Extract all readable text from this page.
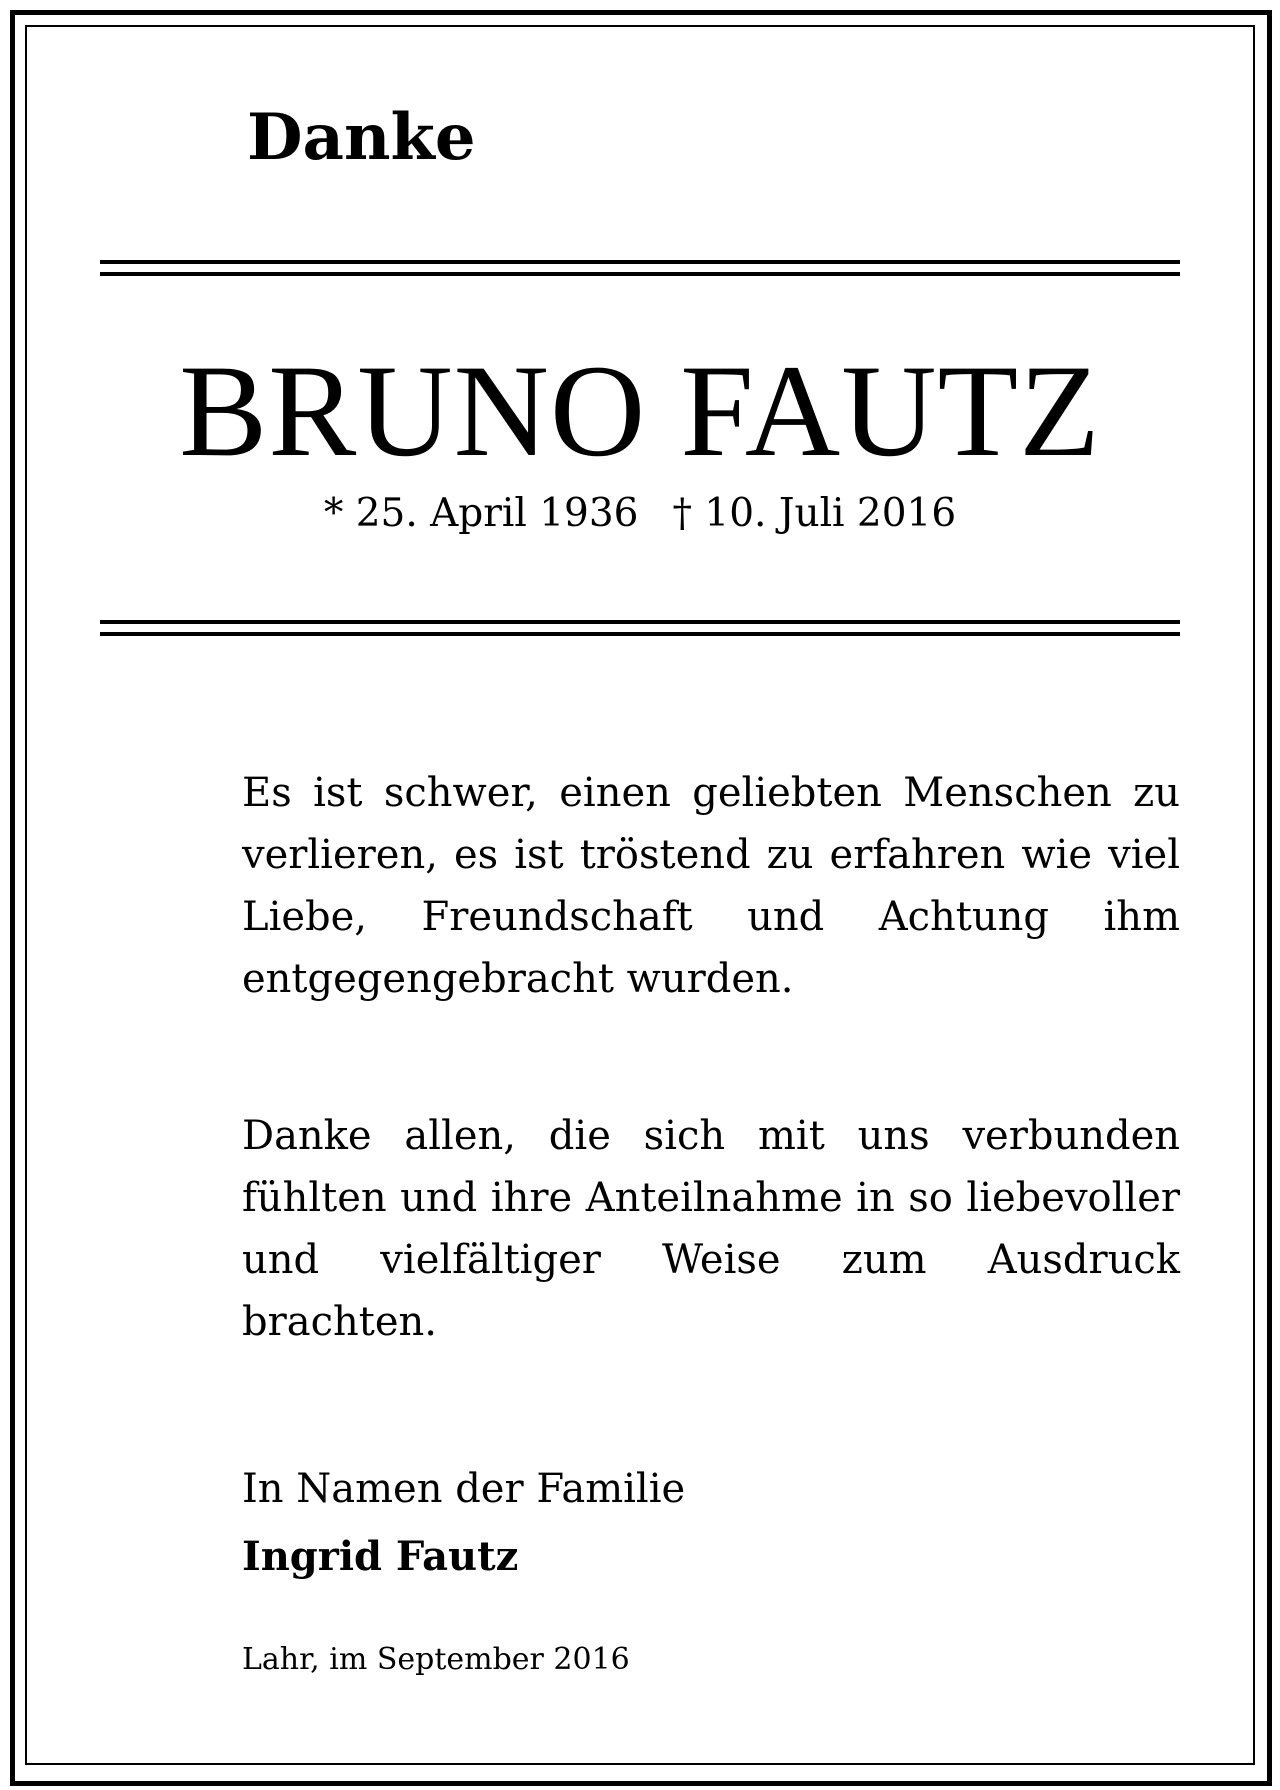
Danke
BRUNO FAUTZ
* 25. April 1936 † 10. Juli 2016

Es ist schwer, einen geliebten Menschen zu verlieren, es ist tröstend zu erfahren wie viel Liebe, Freundschaft und Achtung ihm entgegengebracht wurden.

Danke allen, die sich mit uns verbunden fühlten und ihre Anteilnahme in so liebevoller und vielfältiger Weise zum Ausdruck brachten.

In Namen der Familie
Ingrid Fautz
Lahr, im September 2016
